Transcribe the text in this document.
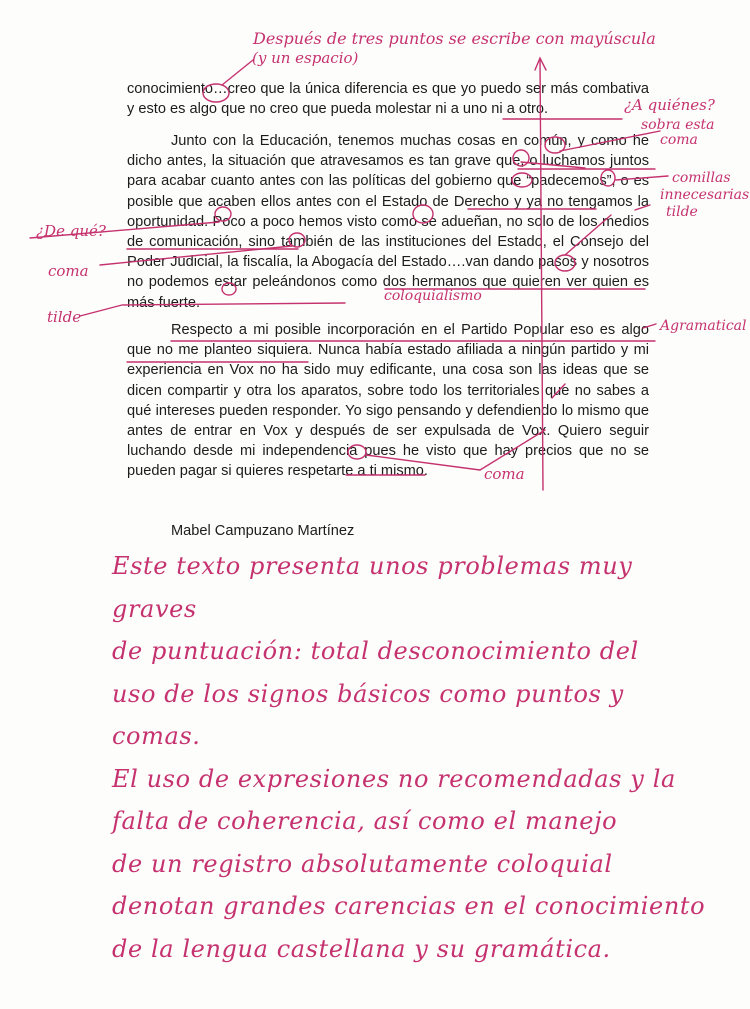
conocimiento…creo que la única diferencia es que yo puedo ser más combativa y esto es algo que no creo que pueda molestar ni a uno ni a otro.
Junto con la Educación, tenemos muchas cosas en común, y como he dicho antes, la situación que atravesamos es tan grave que, o luchamos juntos para acabar cuanto antes con las políticas del gobierno que “padecemos”, o es posible que acaben ellos antes con el Estado de Derecho y ya no tengamos la oportunidad. Poco a poco hemos visto como se adueñan, no solo de los medios de comunicación, sino también de las instituciones del Estado, el Consejo del Poder Judicial, la fiscalía, la Abogacía del Estado….van dando pasos y nosotros no podemos estar peleándonos como dos hermanos que quieren ver quien es más fuerte.
Respecto a mi posible incorporación en el Partido Popular eso es algo que no me planteo siquiera. Nunca había estado afiliada a ningún partido y mi experiencia en Vox no ha sido muy edificante, una cosa son las ideas que se dicen compartir y otra los aparatos, sobre todo los territoriales que no sabes a qué intereses pueden responder. Yo sigo pensando y defendiendo lo mismo que antes de entrar en Vox y después de ser expulsada de Vox. Quiero seguir luchando desde mi independencia pues he visto que hay precios que no se pueden pagar si quieres respetarte a ti mismo.
Mabel Campuzano Martínez
Después de tres puntos se escribe con mayúscula
(y un espacio)
¿A quiénes?
sobra esta
coma
comillas
innecesarias
tilde
¿De qué?
coma
coloquialismo
tilde	Agramatical
coma
Este texto presenta unos problemas muy graves
de puntuación: total desconocimiento del
uso de los signos básicos como puntos y comas.
El uso de expresiones no recomendadas y la
falta de coherencia, así como el manejo
de un registro absolutamente coloquial
denotan grandes carencias en el conocimiento
de la lengua castellana y su gramática.
